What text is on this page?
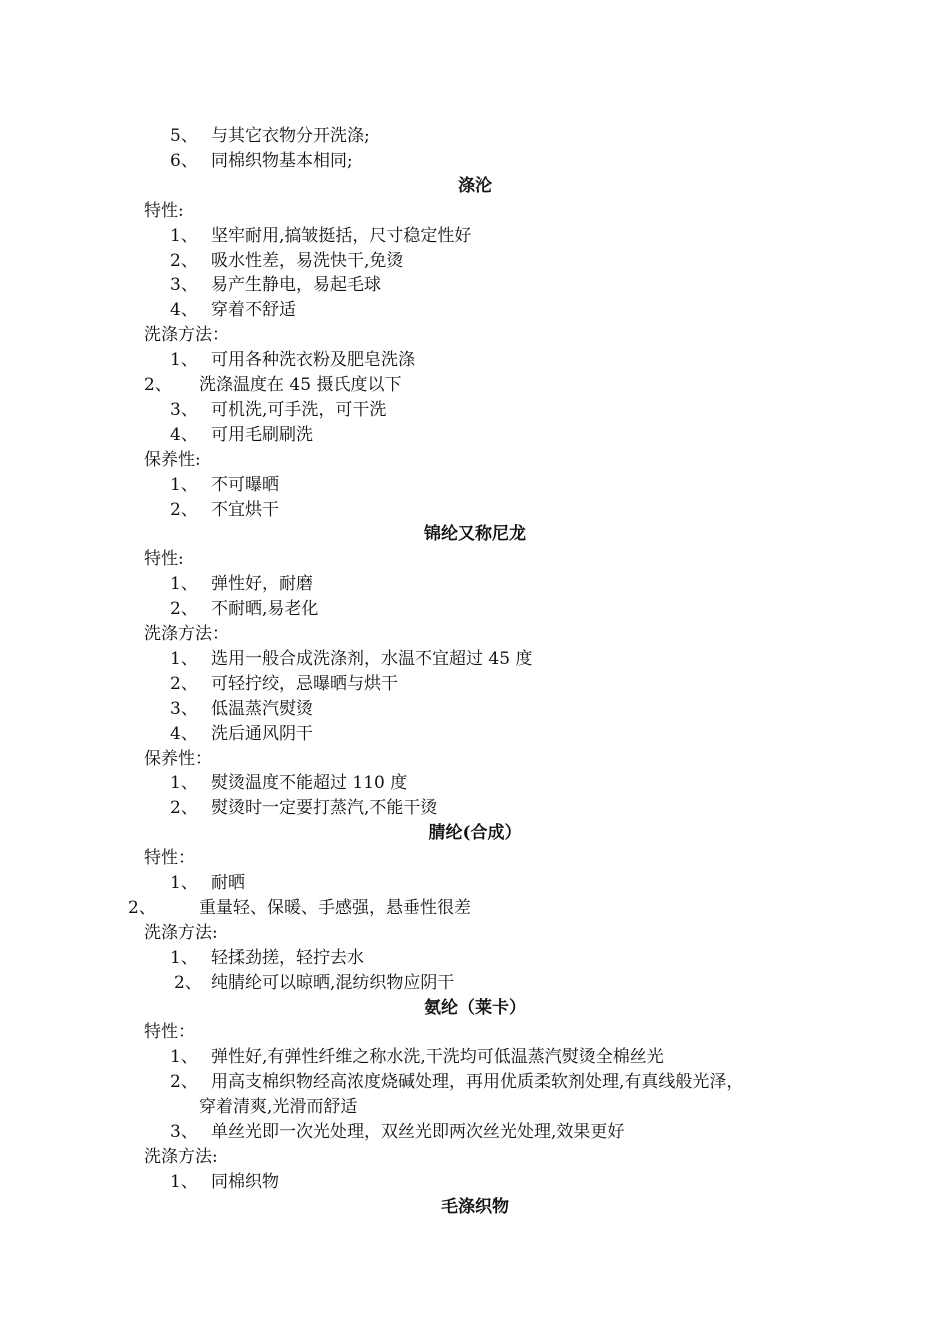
5、 与其它衣物分开洗涤;
6、 同棉织物基本相同;
涤沦
特性:
1、 坚牢耐用,搞皱挺括，尺寸稳定性好
2、 吸水性差，易洗快干,免烫
3、 易产生静电，易起毛球
4、 穿着不舒适
洗涤方法：
1、 可用各种洗衣粉及肥皂洗涤
2、 洗涤温度在 45 摄氏度以下
3、 可机洗,可手洗，可干洗
4、 可用毛刷刷洗
保养性:
1、 不可曝晒
2、 不宜烘干
锦纶又称尼龙
特性:
1、 弹性好，耐磨
2、 不耐晒,易老化
洗涤方法：
1、 选用一般合成洗涤剂，水温不宜超过 45 度
2、 可轻拧绞，忌曝晒与烘干
3、 低温蒸汽熨烫
4、 洗后通风阴干
保养性：
1、 熨烫温度不能超过 110 度
2、 熨烫时一定要打蒸汽,不能干烫
腈纶(合成）
特性：
1、 耐晒
2、	重量轻、保暖、手感强，悬垂性很差
洗涤方法:
1、 轻揉劲搓，轻拧去水
2、 纯腈纶可以晾晒,混纺织物应阴干
氨纶（莱卡）
特性：
1、 弹性好,有弹性纤维之称水洗,干洗均可低温蒸汽熨烫全棉丝光
2、 用高支棉织物经高浓度烧碱处理，再用优质柔软剂处理,有真线般光泽，
穿着清爽,光滑而舒适
3、 单丝光即一次光处理，双丝光即两次丝光处理,效果更好
洗涤方法:
1、 同棉织物
毛涤织物
